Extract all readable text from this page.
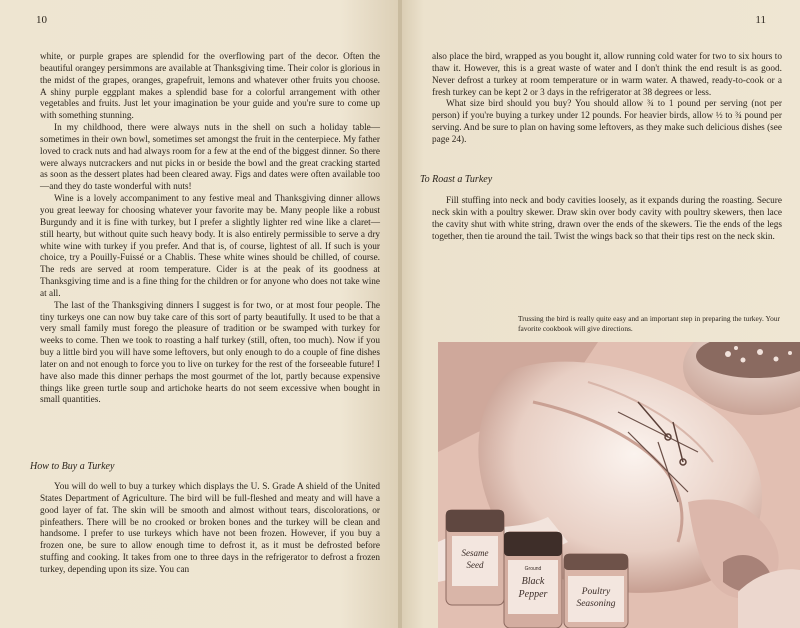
10

white, or purple grapes are splendid for the overflowing part of the decor. Often the beautiful orangey persimmons are available at Thanksgiving time. Their color is glorious in the midst of the grapes, oranges, grapefruit, lemons and whatever other fruits you choose. A shiny purple eggplant makes a splendid base for a colorful arrangement with other vegetables and fruits. Just let your imagination be your guide and you're sure to come up with something stunning.

In my childhood, there were always nuts in the shell on such a holiday table—sometimes in their own bowl, sometimes set amongst the fruit in the centerpiece. My father loved to crack nuts and had always room for a few at the end of the biggest dinner. So there were always nutcrackers and nut picks in or beside the bowl and the great cracking started as soon as the dessert plates had been cleared away. Figs and dates were often available too—and they do taste wonderful with nuts!

Wine is a lovely accompaniment to any festive meal and Thanksgiving dinner allows you great leeway for choosing whatever your favorite may be. Many people like a robust Burgundy and it is fine with turkey, but I prefer a slightly lighter red wine like a claret—still hearty, but without quite such heavy body. It is also entirely permissible to serve a dry white wine with turkey if you prefer. And that is, of course, lightest of all. If such is your choice, try a Pouilly-Fuissé or a Chablis. These white wines should be chilled, of course. The reds are served at room temperature. Cider is at the peak of its goodness at Thanksgiving time and is a fine thing for the children or for anyone who does not take wine at all.

The last of the Thanksgiving dinners I suggest is for two, or at most four people. The tiny turkeys one can now buy take care of this sort of party beautifully. It used to be that a very small family must forego the pleasure of tradition or be swamped with turkey for weeks to come. Then we took to roasting a half turkey (still, often, too much). Now if you buy a little bird you will have some leftovers, but only enough to do a couple of fine dishes later on and not enough to force you to live on turkey for the rest of the forseeable future! I have also made this dinner perhaps the most gourmet of the lot, partly because expensive things like green turtle soup and artichoke hearts do not seem excessive when bought in small quantities.

How to Buy a Turkey

You will do well to buy a turkey which displays the U. S. Grade A shield of the United States Department of Agriculture. The bird will be full-fleshed and meaty and will have a good layer of fat. The skin will be smooth and almost without tears, discolorations, or pinfeathers. There will be no crooked or broken bones and the turkey will be clean and handsome. I prefer to use turkeys which have not been frozen. However, if you buy a frozen one, be sure to allow enough time to defrost it, as it must be defrosted before stuffing and cooking. It takes from one to three days in the refrigerator to defrost a frozen turkey, depending upon its size. You can

11

also place the bird, wrapped as you bought it, allow running cold water for two to six hours to thaw it. However, this is a great waste of water and I don't think the end result is as good. Never defrost a turkey at room temperature or in warm water. A thawed, ready-to-cook or a fresh turkey can be kept 2 or 3 days in the refrigerator at 38 degrees or less.

What size bird should you buy? You should allow ¾ to 1 pound per serving (not per person) if you're buying a turkey under 12 pounds. For heavier birds, allow ½ to ¾ pound per serving. And be sure to plan on having some leftovers, as they make such delicious dishes (see page 24).

To Roast a Turkey

Fill stuffing into neck and body cavities loosely, as it expands during the roasting. Secure neck skin with a poultry skewer. Draw skin over body cavity with poultry skewers, then lace the cavity shut with white string, drawn over the ends of the skewers. Tie the ends of the legs together, then tie around the tail. Twist the wings back so that their tips rest on the neck skin.

Trussing the bird is really quite easy and an important step in preparing the turkey. Your favorite cookbook will give directions.
Sesame
Seed	Ground
Black
Pepper	Poultry
Seasoning
